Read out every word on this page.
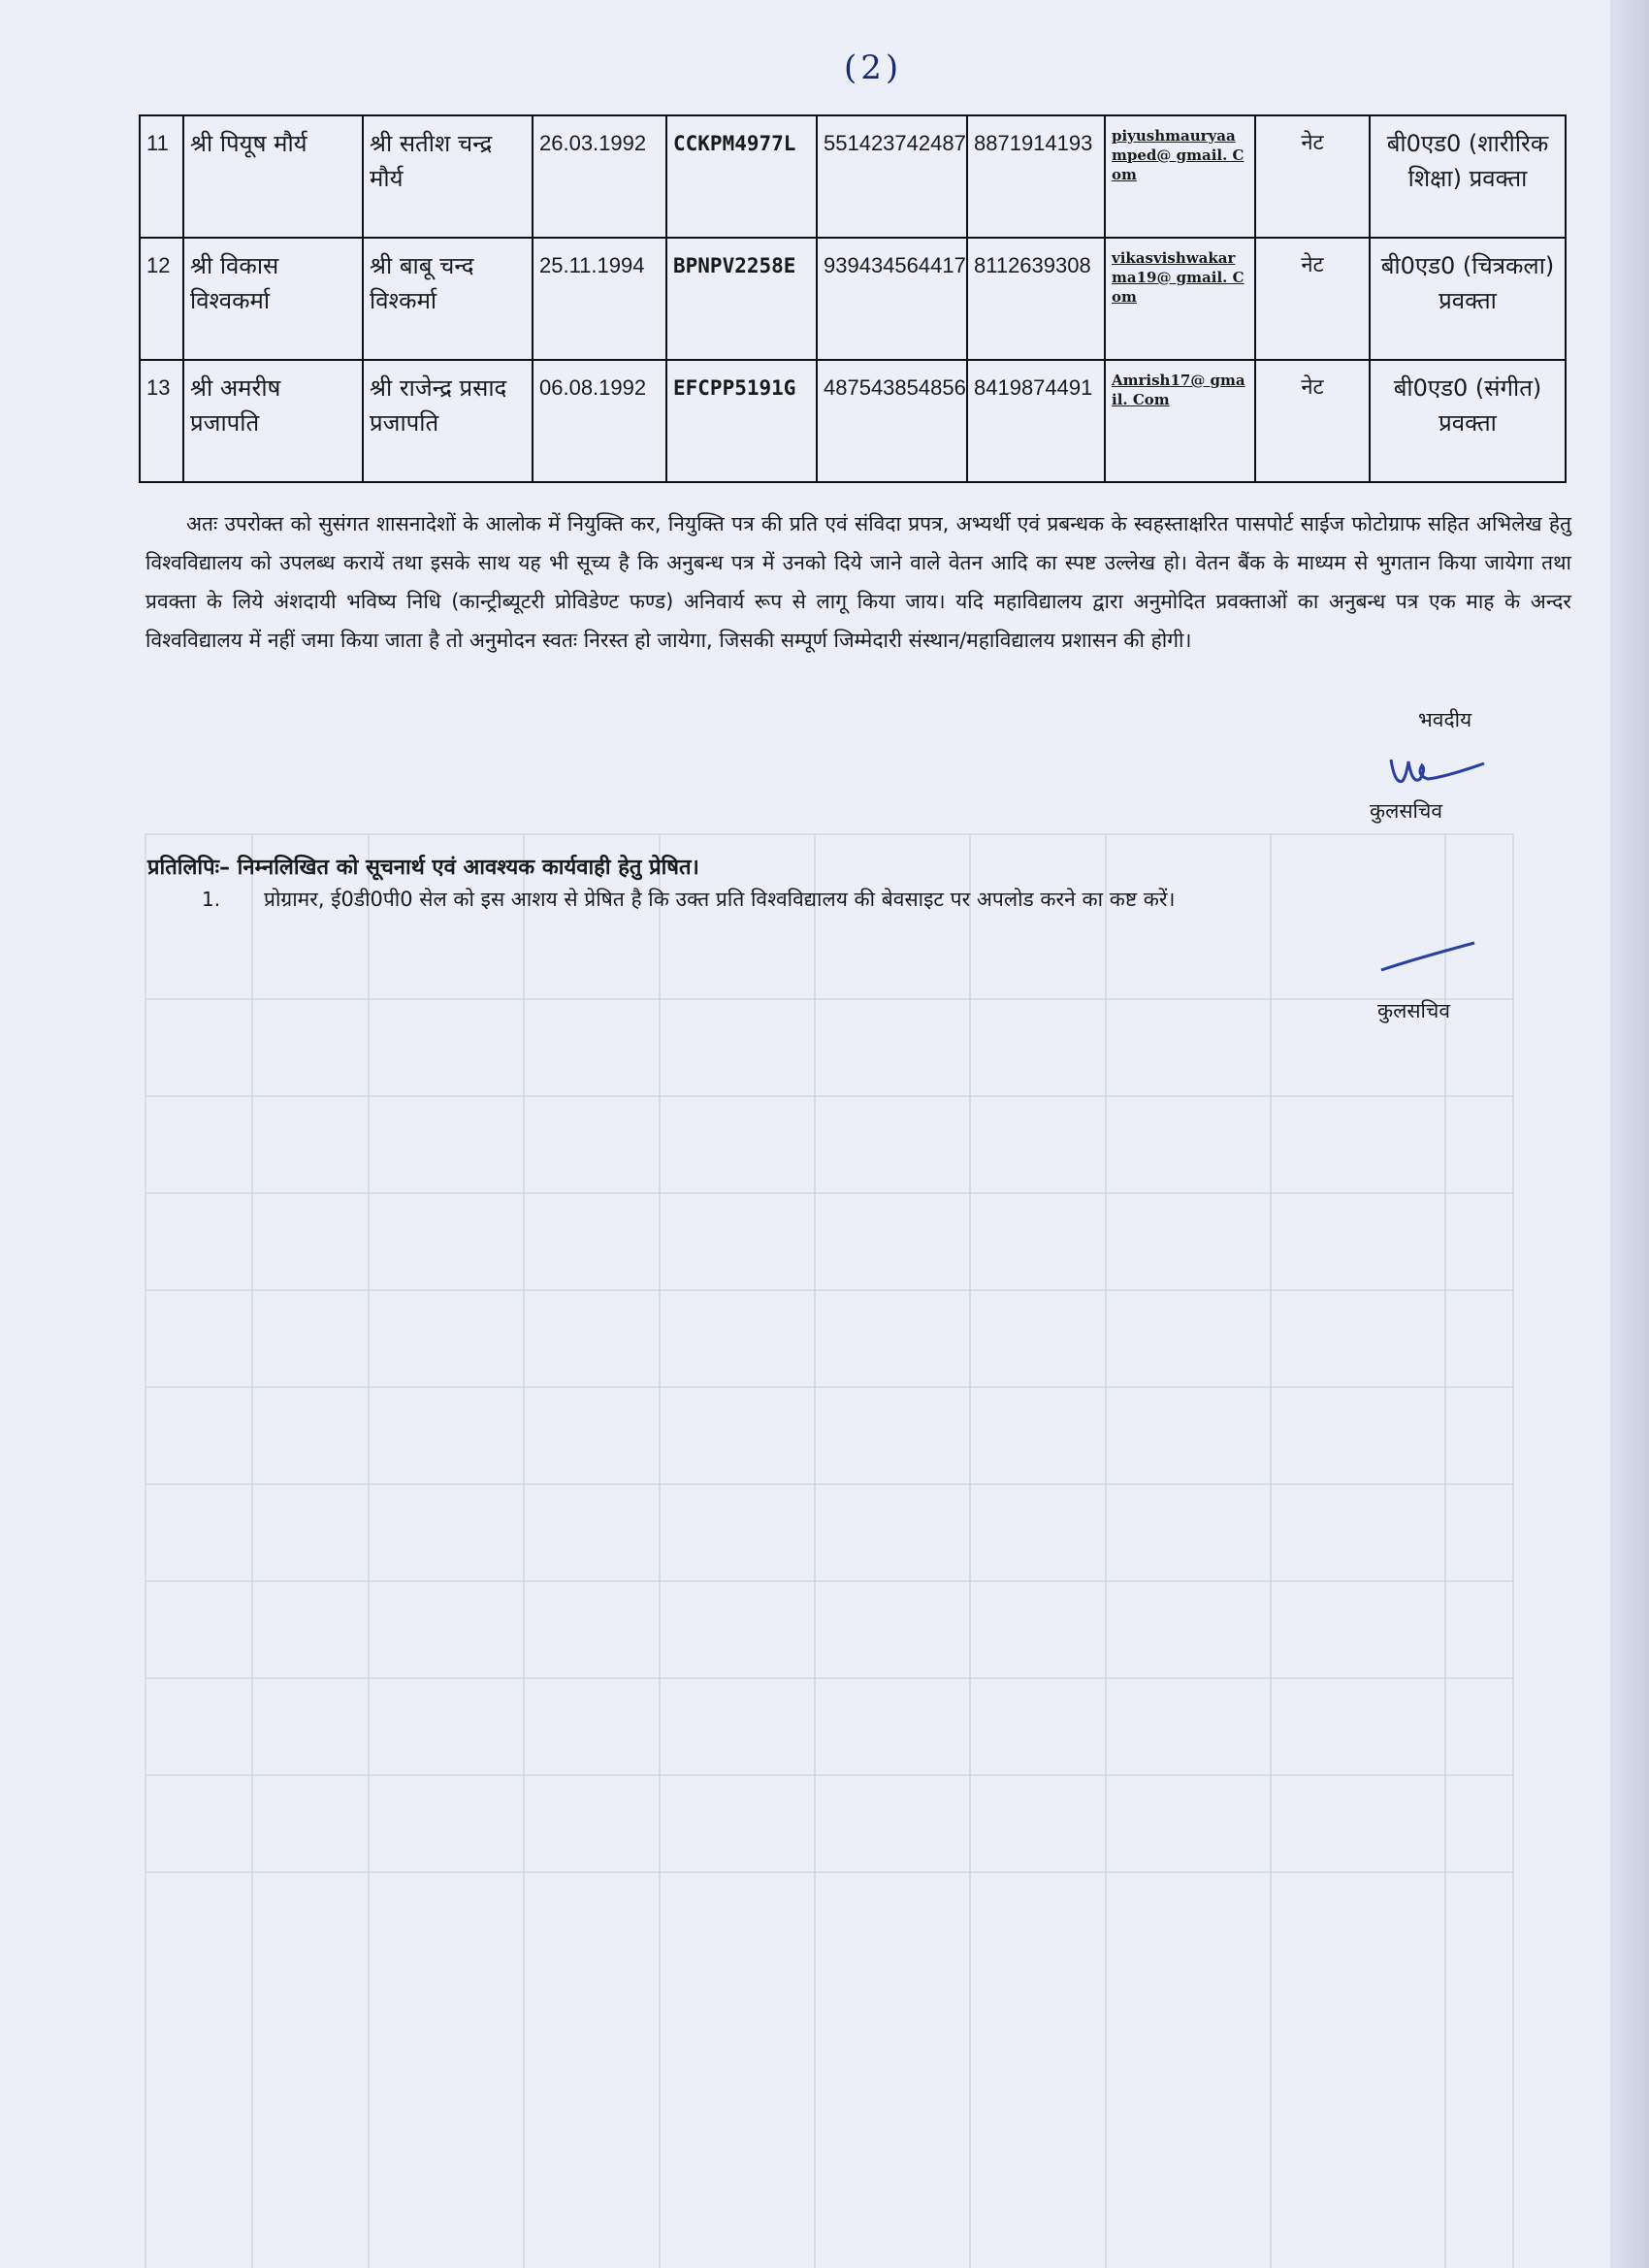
(2)
11	श्री पियूष मौर्य	श्री सतीश चन्द्र मौर्य	26.03.1992	CCKPM4977L	551423742487	8871914193	piyushmauryaamped@ gmail. Com	नेट	बी0एड0 (शारीरिक शिक्षा) प्रवक्ता
12	श्री विकास विश्वकर्मा	श्री बाबू चन्द विश्कर्मा	25.11.1994	BPNPV2258E	939434564417	8112639308	vikasvishwakarma19@ gmail. Com	नेट	बी0एड0 (चित्रकला) प्रवक्ता
13	श्री अमरीष प्रजापति	श्री राजेन्द्र प्रसाद प्रजापति	06.08.1992	EFCPP5191G	487543854856	8419874491	Amrish17@ gmail. Com	नेट	बी0एड0 (संगीत) प्रवक्ता
अतः उपरोक्त को सुसंगत शासनादेशों के आलोक में नियुक्ति कर, नियुक्ति पत्र की प्रति एवं संविदा प्रपत्र, अभ्यर्थी एवं प्रबन्धक के स्वहस्ताक्षरित पासपोर्ट साईज फोटोग्राफ सहित अभिलेख हेतु विश्वविद्यालय को उपलब्ध करायें तथा इसके साथ यह भी सूच्य है कि अनुबन्ध पत्र में उनको दिये जाने वाले वेतन आदि का स्पष्ट उल्लेख हो। वेतन बैंक के माध्यम से भुगतान किया जायेगा तथा प्रवक्ता के लिये अंशदायी भविष्य निधि (कान्ट्रीब्यूटरी प्रोविडेण्ट फण्ड) अनिवार्य रूप से लागू किया जाय। यदि महाविद्यालय द्वारा अनुमोदित प्रवक्ताओं का अनुबन्ध पत्र एक माह के अन्दर विश्वविद्यालय में नहीं जमा किया जाता है तो अनुमोदन स्वतः निरस्त हो जायेगा, जिसकी सम्पूर्ण जिम्मेदारी संस्थान/महाविद्यालय प्रशासन की होगी।
भवदीय
कुलसचिव
प्रतिलिपिः– निम्नलिखित को सूचनार्थ एवं आवश्यक कार्यवाही हेतु प्रेषित।
1. प्रोग्रामर, ई0डी0पी0 सेल को इस आशय से प्रेषित है कि उक्त प्रति विश्वविद्यालय की बेवसाइट पर अपलोड करने का कष्ट करें।
कुलसचिव
